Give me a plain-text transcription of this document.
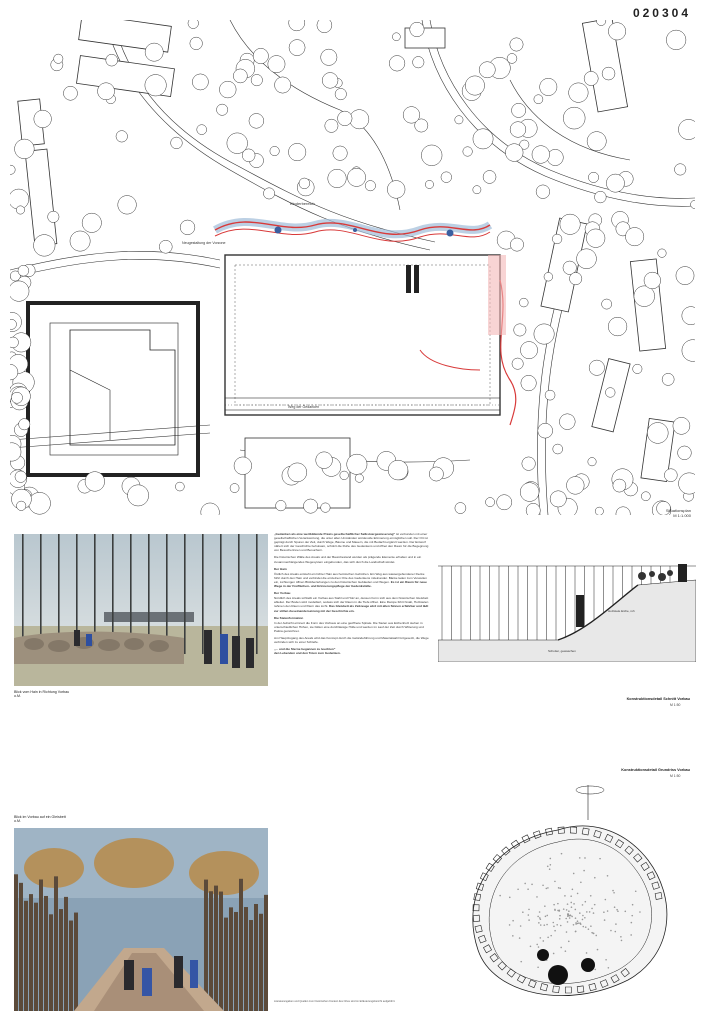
020304
Kinderbereich
Weg der Gedanken
Neugestaltung der Vorzone
Situationsplan
M 1:1.000
Blick vom Hain in Richtung Vorbau
o.M.
Blick im Vorbau auf ein Gleisbett
o.M.

„Gedenken als eine wertbildende Praxis gesellschaftlicher Selbstvergewisserung“ ist verbunden mit einer gesellschaftlichen Verantwortung, die unter allen Umständen würdevolle Erinnerung ermöglichen soll. Der Ort ist geprägt durch Spuren der Zeit, durch Wege, Bäume und Mauern, die mit Bedacht ergänzt werden. Der Entwurf nähert sich der Geschichte behutsam, schützt die Ruhe des Gedenkens und öffnet den Raum für die Begegnung von Besucherinnen und Besuchern.

Die historischen Wälle des Areals und der Baumbestand werden als prägende Elemente erhalten und in ein zusammenhängendes Wegesystem eingebunden, das sich durch die Landschaft windet.

Der Hain

Östlich des Areals entsteht ein lichter Hain aus heimischen Gehölzen. Ein Weg aus wassergebundener Decke führt durch den Hain und verbindet die einzelnen Orte des Gedenkens miteinander. Bänke laden zum Verweilen ein, Lichtungen öffnen Blickbeziehungen zu den historischen Gebäuden und Wegen. Es ist ein Raum für neue Wege in der Freiflächen- und Erinnerungspflege der Gedenkstätte.

Der Vorbau

Nördlich des Areals schließt ein Vorbau aus Stahl und Holz an, dessen Form sich aus dem historischen Gleisbett ableitet. Der Boden wird modelliert, sodass sich der Raum in die Tiefe öffnet. Eine Rampe führt hinab, Holzstelen rahmen den Raum und filtern das Licht. Das Gleisbett als Zeitzeuge wird mit allen Sinnen erfahrbar und lädt zur stillen Auseinandersetzung mit der Geschichte ein.

Die Stelenformation

In der Aufsicht erinnert die Form des Vorbaus an eine geöffnete Spirale. Die Stelen aus Eichenholz stehen in unterschiedlichen Höhen, sie bilden eine durchlässige Hülle und werden im Lauf der Zeit durch Witterung und Patina gezeichnet.

Am Hauptzugang des Areals wird das Konzept durch die Geländeführung und Materialwahl fortgesetzt, die Wege verbinden sich zu einer Schleife.

„... und die Sterne begannen zu leuchten“
den Lebenden und den Toten zum Gedenken.

Literaturangaben und Quellen zum historischen Kontext des Ortes sind im Erläuterungsbericht aufgeführt.
Holzstele Eiche, roh
Schotter, gewaschen
Konstruktionsdetail Schnitt Vorbau
M 1:50
Konstruktionsdetail Grundriss Vorbau
M 1:50
